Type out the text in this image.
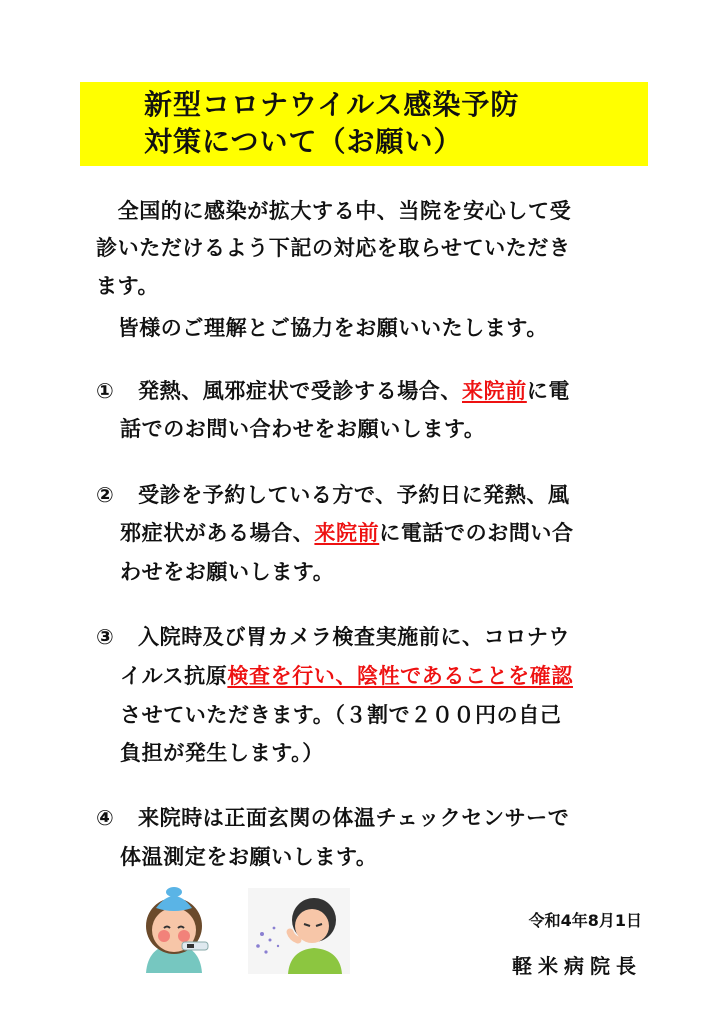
新型コロナウイルス感染予防
対策について（お願い）
　全国的に感染が拡大する中、当院を安心して受
診いただけるよう下記の対応を取らせていただき
ます。
　皆様のご理解とご協力をお願いいたします。
① 発熱、風邪症状で受診する場合、来院前に電
話でのお問い合わせをお願いします。
② 受診を予約している方で、予約日に発熱、風
邪症状がある場合、来院前に電話でのお問い合
わせをお願いします。
③ 入院時及び胃カメラ検査実施前に、コロナウ
イルス抗原検査を行い、陰性であることを確認
させていただきます。（３割で２００円の自己
負担が発生します。）
④ 来院時は正面玄関の体温チェックセンサーで
体温測定をお願いします。
令和4年8月1日
軽米病院長
